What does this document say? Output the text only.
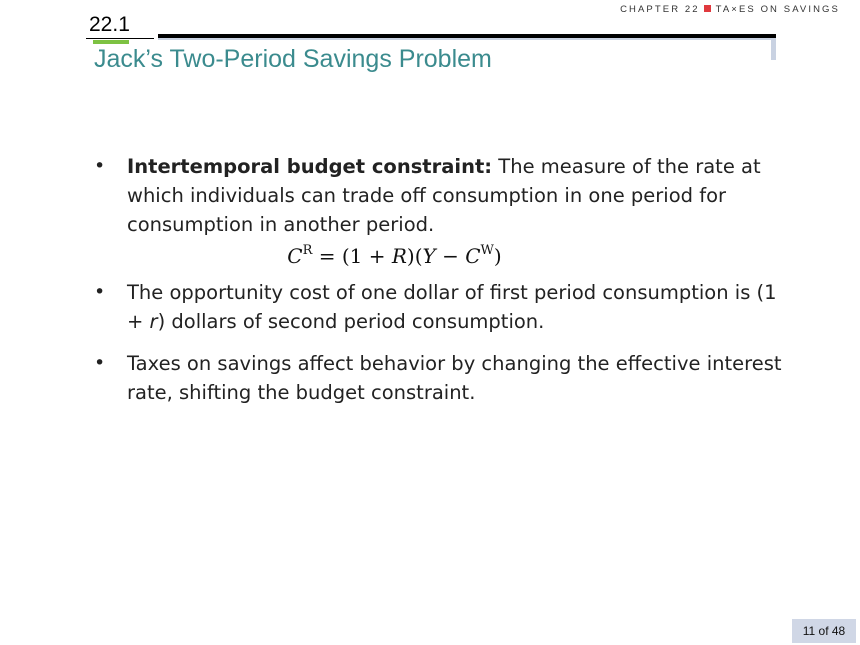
CHAPTER 22 TA×ES ON SAVINGS
22.1
Jack’s Two-Period Savings Problem
• Intertemporal budget constraint: The measure of the rate at which individuals can trade off consumption in one period for consumption in another period.
$C^R = (1 + R)(Y - C^W)$
• The opportunity cost of one dollar of first period consumption is (1 + r) dollars of second period consumption.
• Taxes on savings affect behavior by changing the effective interest rate, shifting the budget constraint.
11 of 48
